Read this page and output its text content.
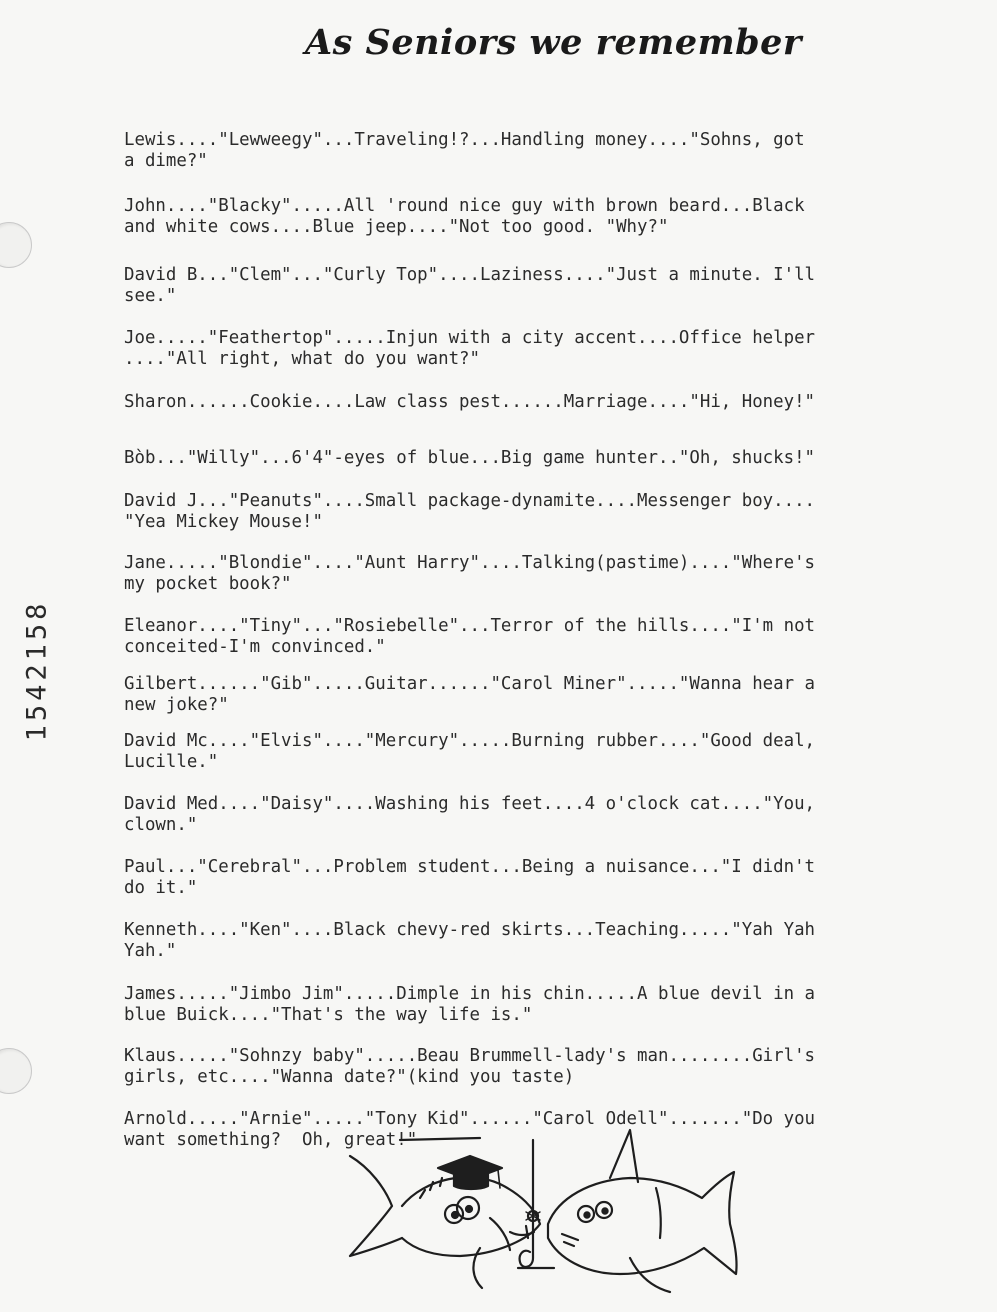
As Seniors we remember
1542158
Lewis...."Lewweegy"...Traveling!?...Handling money...."Sohns, got
a dime?"
John...."Blacky".....All 'round nice guy with brown beard...Black
and white cows....Blue jeep...."Not too good. "Why?"
David B..."Clem"..."Curly Top"....Laziness...."Just a minute. I'll
see."
Joe....."Feathertop".....Injun with a city accent....Office helper
...."All right, what do you want?"
Sharon......Cookie....Law class pest......Marriage...."Hi, Honey!"
Bòb..."Willy"...6'4"-eyes of blue...Big game hunter.."Oh, shucks!"
David J..."Peanuts"....Small package-dynamite....Messenger boy....
"Yea Mickey Mouse!"
Jane....."Blondie"...."Aunt Harry"....Talking(pastime)...."Where's
my pocket book?"
Eleanor...."Tiny"..."Rosiebelle"...Terror of the hills...."I'm not
conceited-I'm convinced."
Gilbert......"Gib".....Guitar......"Carol Miner"....."Wanna hear a
new joke?"
David Mc...."Elvis"...."Mercury".....Burning rubber...."Good deal,
Lucille."
David Med...."Daisy"....Washing his feet....4 o'clock cat...."You,
clown."
Paul..."Cerebral"...Problem student...Being a nuisance..."I didn't
do it."
Kenneth...."Ken"....Black chevy-red skirts...Teaching....."Yah Yah
Yah."
James....."Jimbo Jim".....Dimple in his chin.....A blue devil in a
blue Buick...."That's the way life is."
Klaus....."Sohnzy baby".....Beau Brummell-lady's man........Girl's
girls, etc...."Wanna date?"(kind you taste)
Arnold....."Arnie"....."Tony Kid"......"Carol Odell"......."Do you
want something?  Oh, great!"
